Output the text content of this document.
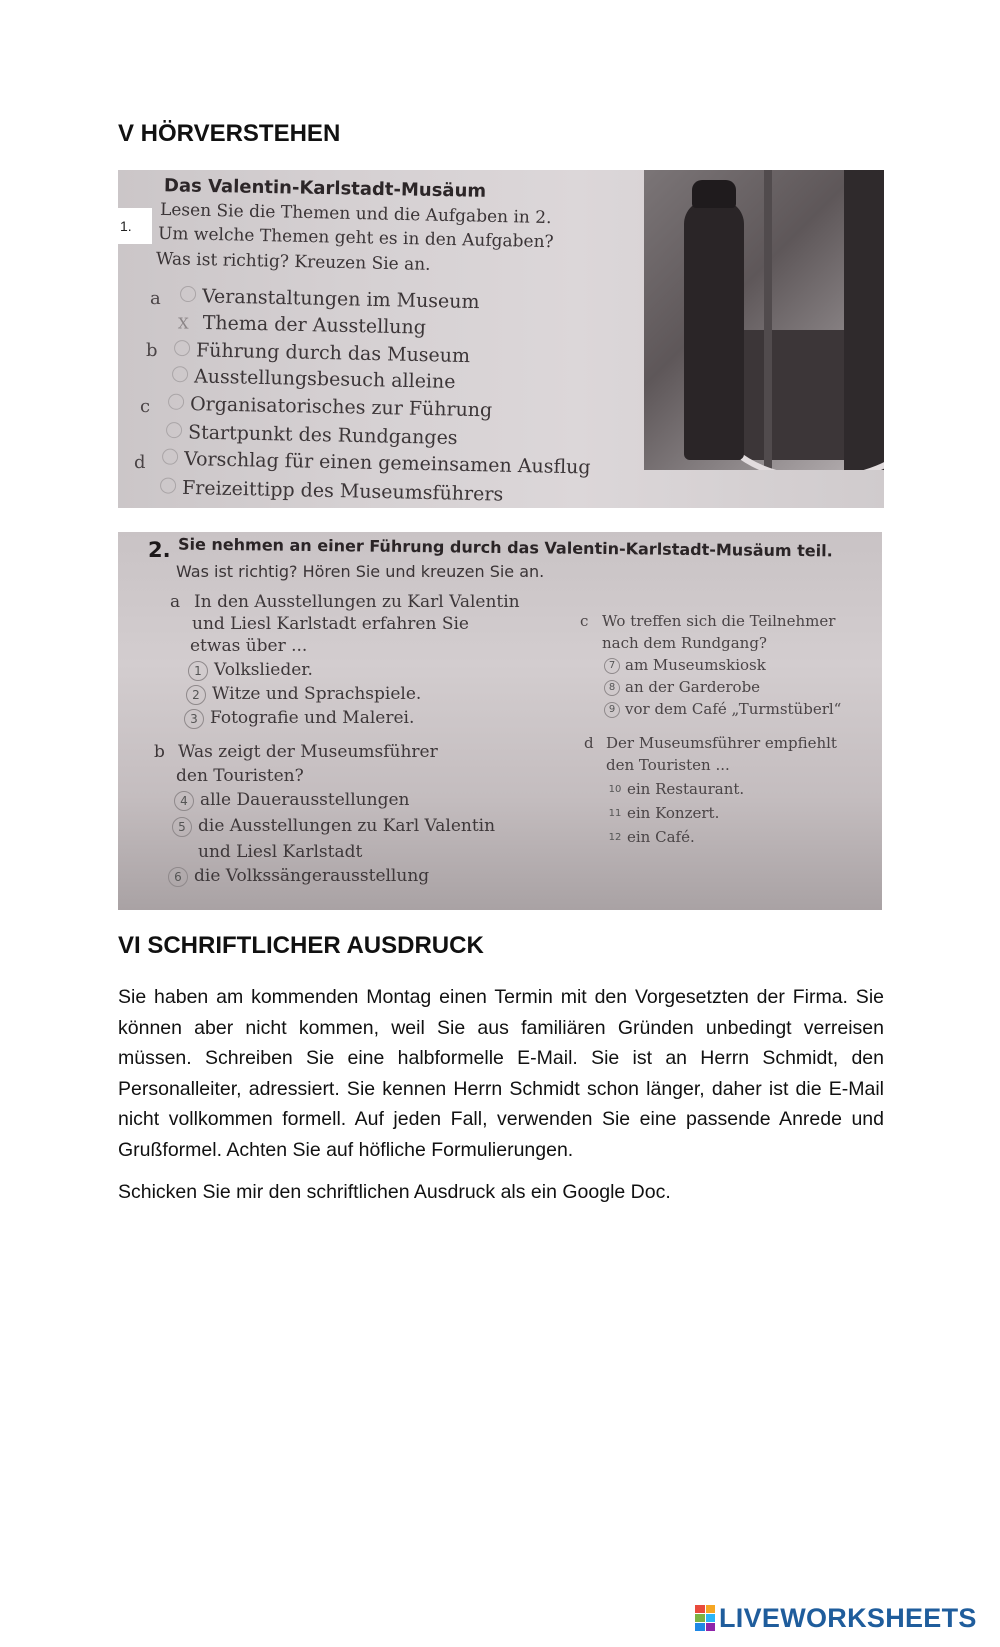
V HÖRVERSTEHEN
Das Valentin-Karlstadt-Musäum
Lesen Sie die Themen und die Aufgaben in 2.
Um welche Themen geht es in den Aufgaben?
Was ist richtig? Kreuzen Sie an.
a	Veranstaltungen im Museum
X Thema der Ausstellung
b	Führung durch das Museum
Ausstellungsbesuch alleine
c	Organisatorisches zur Führung
Startpunkt des Rundganges
d	Vorschlag für einen gemeinsamen Ausflug
Freizeittipp des Museumsführers
1.
2. Sie nehmen an einer Führung durch das Valentin-Karlstadt-Musäum teil.
Was ist richtig? Hören Sie und kreuzen Sie an.
a In den Ausstellungen zu Karl Valentin
und Liesl Karlstadt erfahren Sie
etwas über ...
1 Volkslieder.
2 Witze und Sprachspiele.
3 Fotografie und Malerei.
b Was zeigt der Museumsführer
den Touristen?
4 alle Dauerausstellungen
5 die Ausstellungen zu Karl Valentin
und Liesl Karlstadt
6 die Volkssängerausstellung
c Wo treffen sich die Teilnehmer
nach dem Rundgang?
7 am Museumskiosk
8 an der Garderobe
9 vor dem Café „Turmstüberl“
d Der Museumsführer empfiehlt
den Touristen ...
10 ein Restaurant.
11 ein Konzert.
12 ein Café.
VI SCHRIFTLICHER AUSDRUCK

Sie haben am kommenden Montag einen Termin mit den Vorgesetzten der Firma. Sie können aber nicht kommen, weil Sie aus familiären Gründen unbedingt verreisen müssen. Schreiben Sie eine halbformelle E-Mail. Sie ist an Herrn Schmidt, den Personalleiter, adressiert. Sie kennen Herrn Schmidt schon länger, daher ist die E-Mail nicht vollkommen formell. Auf jeden Fall, verwenden Sie eine passende Anrede und Grußformel. Achten Sie auf höfliche Formulierungen.

Schicken Sie mir den schriftlichen Ausdruck als ein Google Doc.

LIVEWORKSHEETS
